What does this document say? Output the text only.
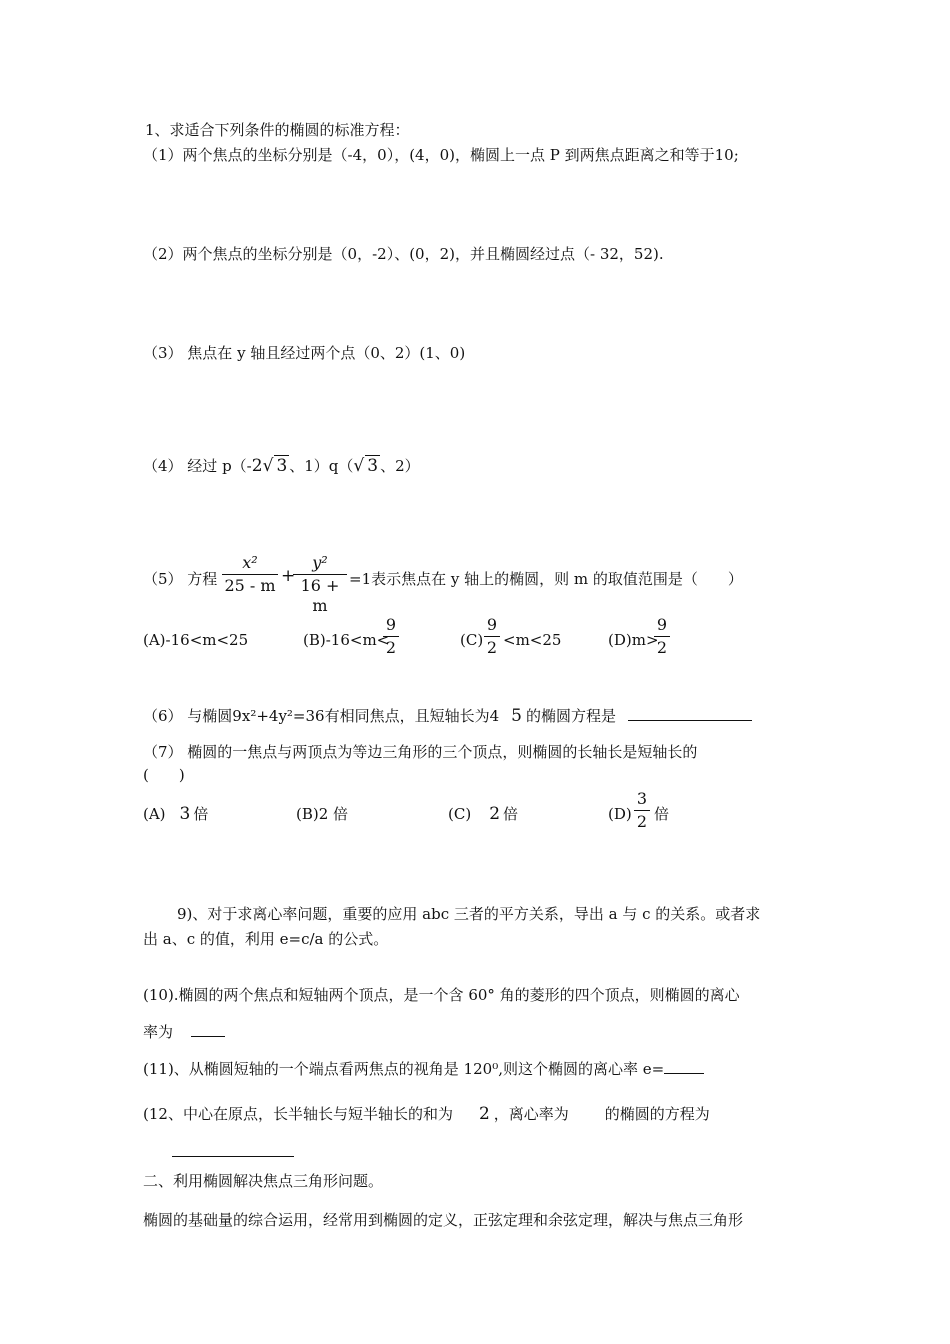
1、求适合下列条件的椭圆的标准方程：
（1）两个焦点的坐标分别是（-4，0），(4，0)，椭圆上一点 P 到两焦点距离之和等于10;
（2）两个焦点的坐标分别是（0，-2）、(0，2)，并且椭圆经过点（- 32，52).
（3） 焦点在 y 轴且经过两个点（0、2）(1、0)
（4） 经过 p（-2√ 3 、1）q（√ 3 、2）
（5） 方程
x²
25 - m +
y²
16 + m
=1表示焦点在 y 轴上的椭圆，则 m 的取值范围是（　　）
(A)-16<m<25	(B)-16<m<
9
2	(C)
9
2 <m<25	(D)m>
9
2
（6） 与椭圆9x²+4y²=36有相同焦点，且短轴长为4 5 的椭圆方程是
（7） 椭圆的一焦点与两顶点为等边三角形的三个顶点，则椭圆的长轴长是短轴长的
(　　)
(A) 3 倍	(B)2 倍	(C) 2 倍	(D)
3
2 倍
9)、对于求离心率问题，重要的应用 abc 三者的平方关系，导出 a 与 c 的关系。或者求
出 a、c 的值，利用 e=c/a 的公式。
(10).椭圆的两个焦点和短轴两个顶点，是一个含 60° 角的菱形的四个顶点，则椭圆的离心
率为
(11)、从椭圆短轴的一个端点看两焦点的视角是 120⁰,则这个椭圆的离心率 e=
(12、中心在原点，长半轴长与短半轴长的和为 2 ，离心率为 的椭圆的方程为
二、利用椭圆解决焦点三角形问题。
椭圆的基础量的综合运用，经常用到椭圆的定义，正弦定理和余弦定理，解决与焦点三角形
